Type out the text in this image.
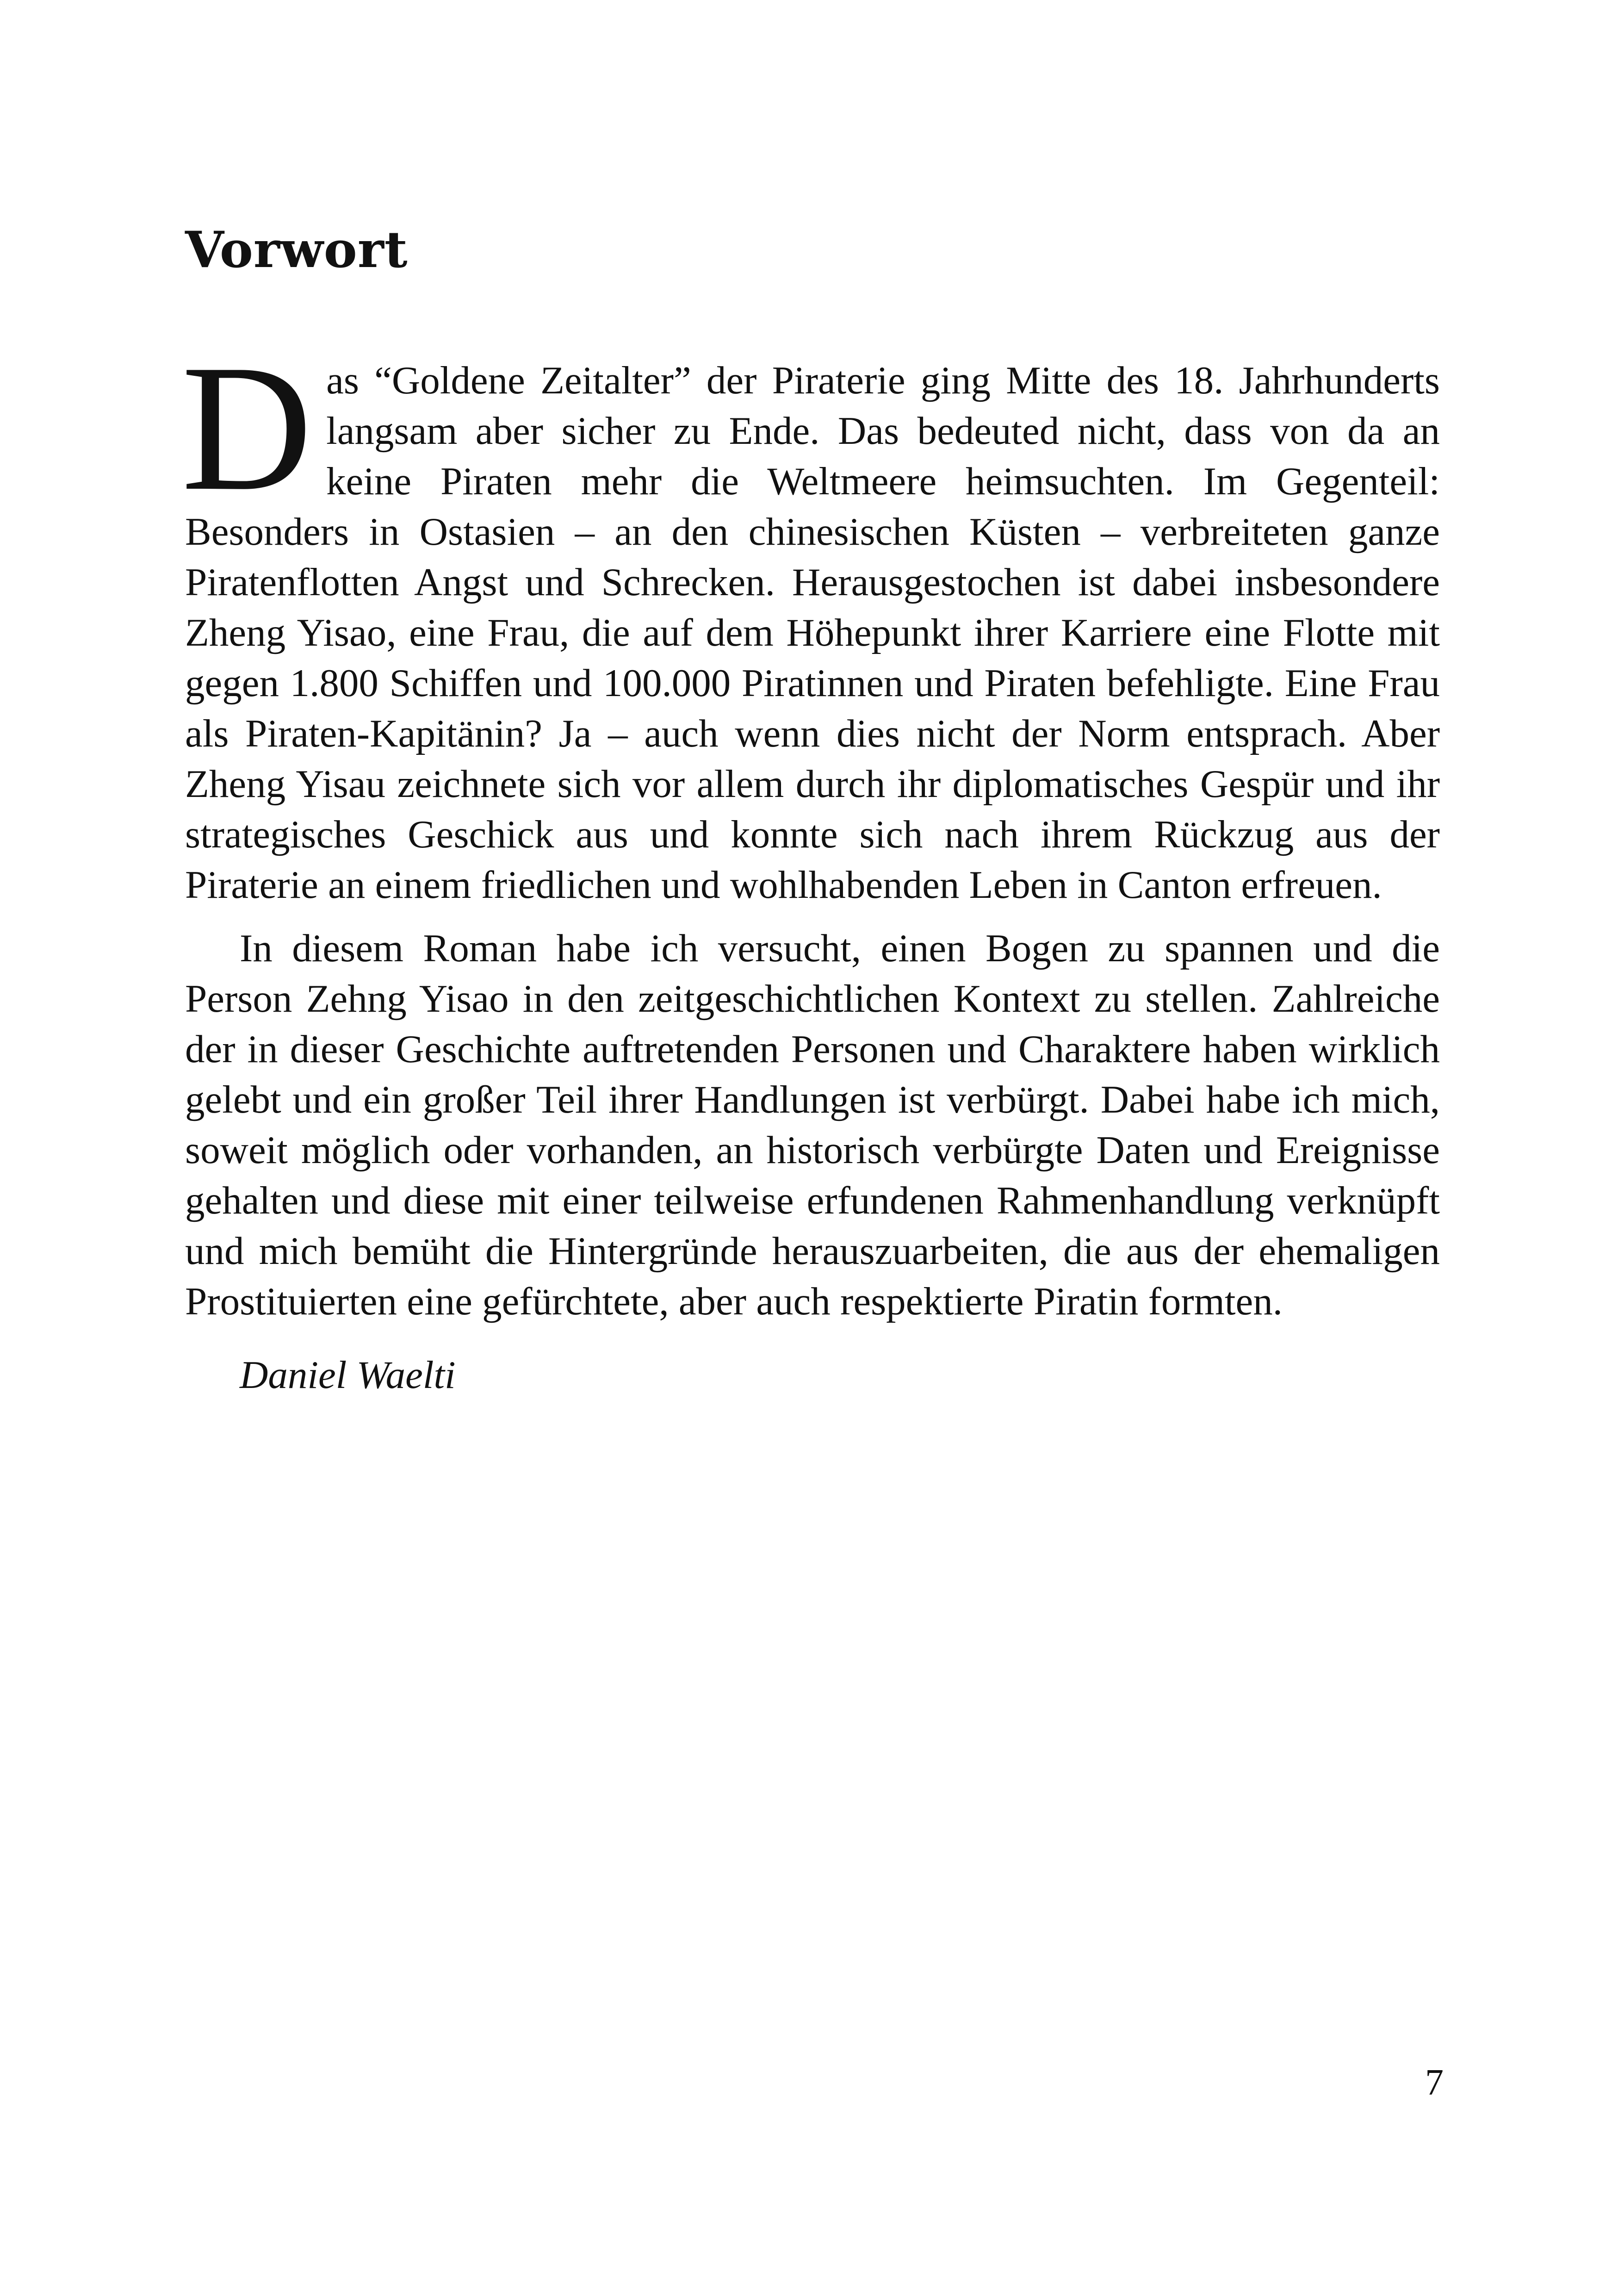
Vorwort

Das “Goldene Zeitalter” der Piraterie ging Mitte des 18. Jahrhunderts langsam aber sicher zu Ende. Das bedeuted nicht, dass von da an keine Piraten mehr die Weltmeere heimsuchten. Im Gegenteil: Besonders in Ostasien – an den chinesischen Küsten – verbreiteten ganze Piratenflotten Angst und Schrecken. Herausgestochen ist dabei insbesondere Zheng Yisao, eine Frau, die auf dem Höhepunkt ihrer Karriere eine Flotte mit gegen 1.800 Schiffen und 100.000 Piratinnen und Piraten befehligte. Eine Frau als Piraten-Kapitänin? Ja – auch wenn dies nicht der Norm entsprach. Aber Zheng Yisau zeichnete sich vor allem durch ihr diplomatisches Gespür und ihr strategisches Geschick aus und konnte sich nach ihrem Rückzug aus der Piraterie an einem friedlichen und wohlhabenden Leben in Canton erfreuen.

In diesem Roman habe ich versucht, einen Bogen zu spannen und die Person Zehng Yisao in den zeitgeschichtlichen Kontext zu stellen. Zahlreiche der in dieser Geschichte auftretenden Personen und Charaktere haben wirklich gelebt und ein großer Teil ihrer Handlungen ist verbürgt. Dabei habe ich mich, soweit möglich oder vorhanden, an historisch verbürgte Daten und Ereignisse gehalten und diese mit einer teilweise erfundenen Rahmenhandlung verknüpft und mich bemüht die Hintergründe herauszuarbeiten, die aus der ehemaligen Prostituierten eine gefürchtete, aber auch respektierte Piratin formten.

Daniel Waelti

7
